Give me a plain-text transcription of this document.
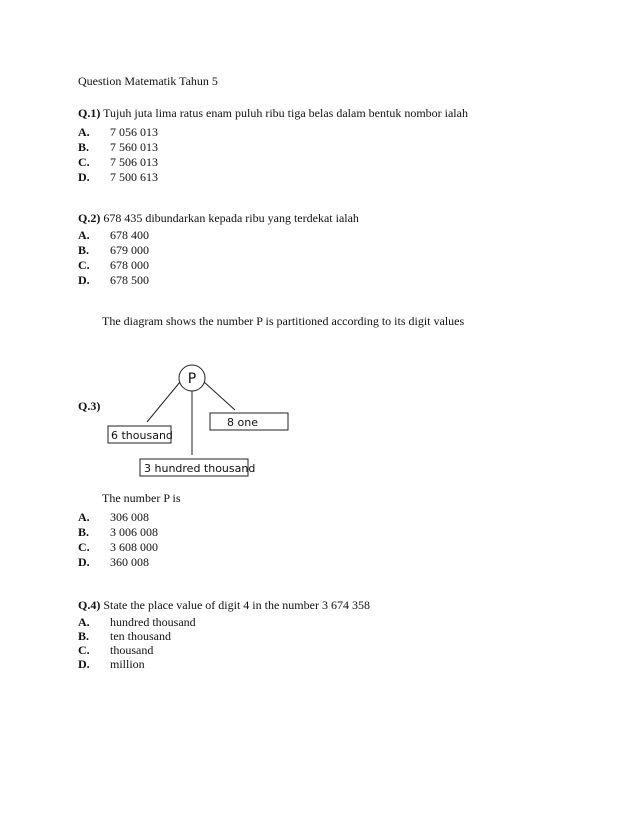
Question Matematik Tahun 5
Q.1) Tujuh juta lima ratus enam puluh ribu tiga belas dalam bentuk nombor ialah
A. 7 056 013
B. 7 560 013
C. 7 506 013
D. 7 500 613
Q.2) 678 435 dibundarkan kepada ribu yang terdekat ialah
A. 678 400
B. 679 000
C. 678 000
D. 678 500
The diagram shows the number P is partitioned according to its digit values
P
6 thousand
8 one
3 hundred thousand
Q.3)
The number P is
A. 306 008
B. 3 006 008
C. 3 608 000
D. 360 008
Q.4) State the place value of digit 4 in the number 3 674 358
A. hundred thousand
B. ten thousand
C. thousand
D. million
